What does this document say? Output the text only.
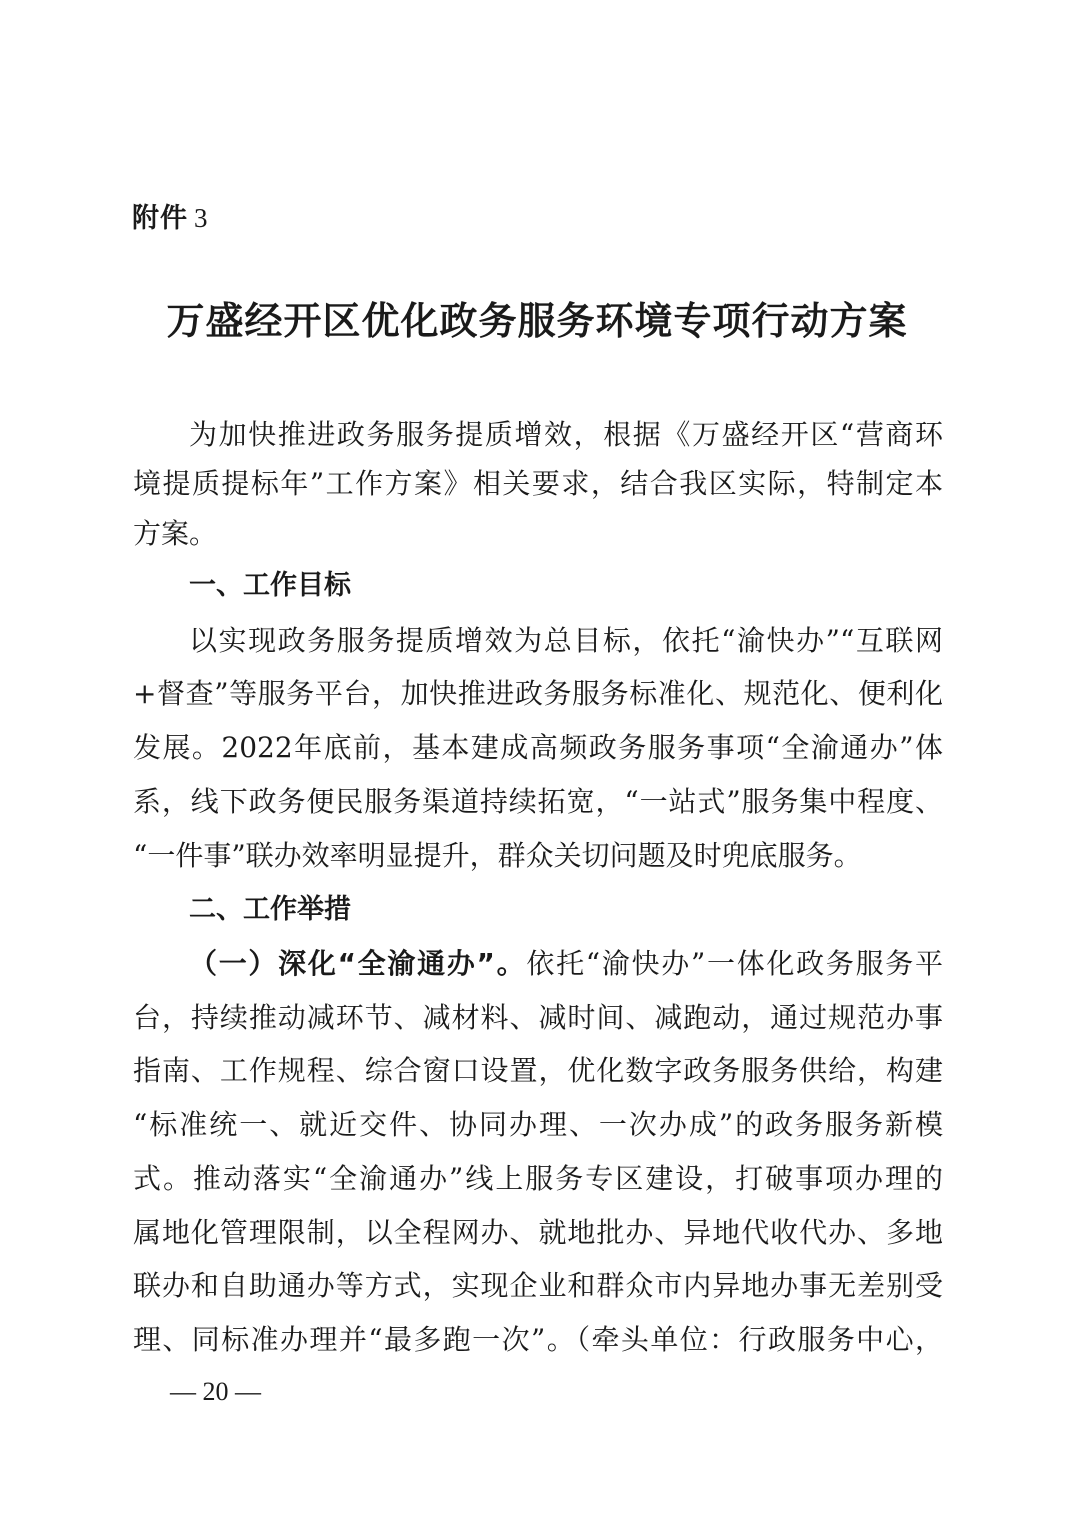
附件 3
万盛经开区优化政务服务环境专项行动方案
为加快推进政务服务提质增效，根据《万盛经开区“营商环
境提质提标年”工作方案》相关要求，结合我区实际，特制定本
方案。
一、工作目标
以实现政务服务提质增效为总目标，依托“渝快办”“互联网
+督查”等服务平台，加快推进政务服务标准化、规范化、便利化
发展。2022年底前，基本建成高频政务服务事项“全渝通办”体
系，线下政务便民服务渠道持续拓宽，“一站式”服务集中程度、
“一件事”联办效率明显提升，群众关切问题及时兜底服务。
二、工作举措
（一）深化“全渝通办”。依托“渝快办”一体化政务服务平
台，持续推动减环节、减材料、减时间、减跑动，通过规范办事
指南、工作规程、综合窗口设置，优化数字政务服务供给，构建
“标准统一、就近交件、协同办理、一次办成”的政务服务新模
式。推动落实“全渝通办”线上服务专区建设，打破事项办理的
属地化管理限制，以全程网办、就地批办、异地代收代办、多地
联办和自助通办等方式，实现企业和群众市内异地办事无差别受
理、同标准办理并“最多跑一次”。（牵头单位：行政服务中心，
— 20 —
